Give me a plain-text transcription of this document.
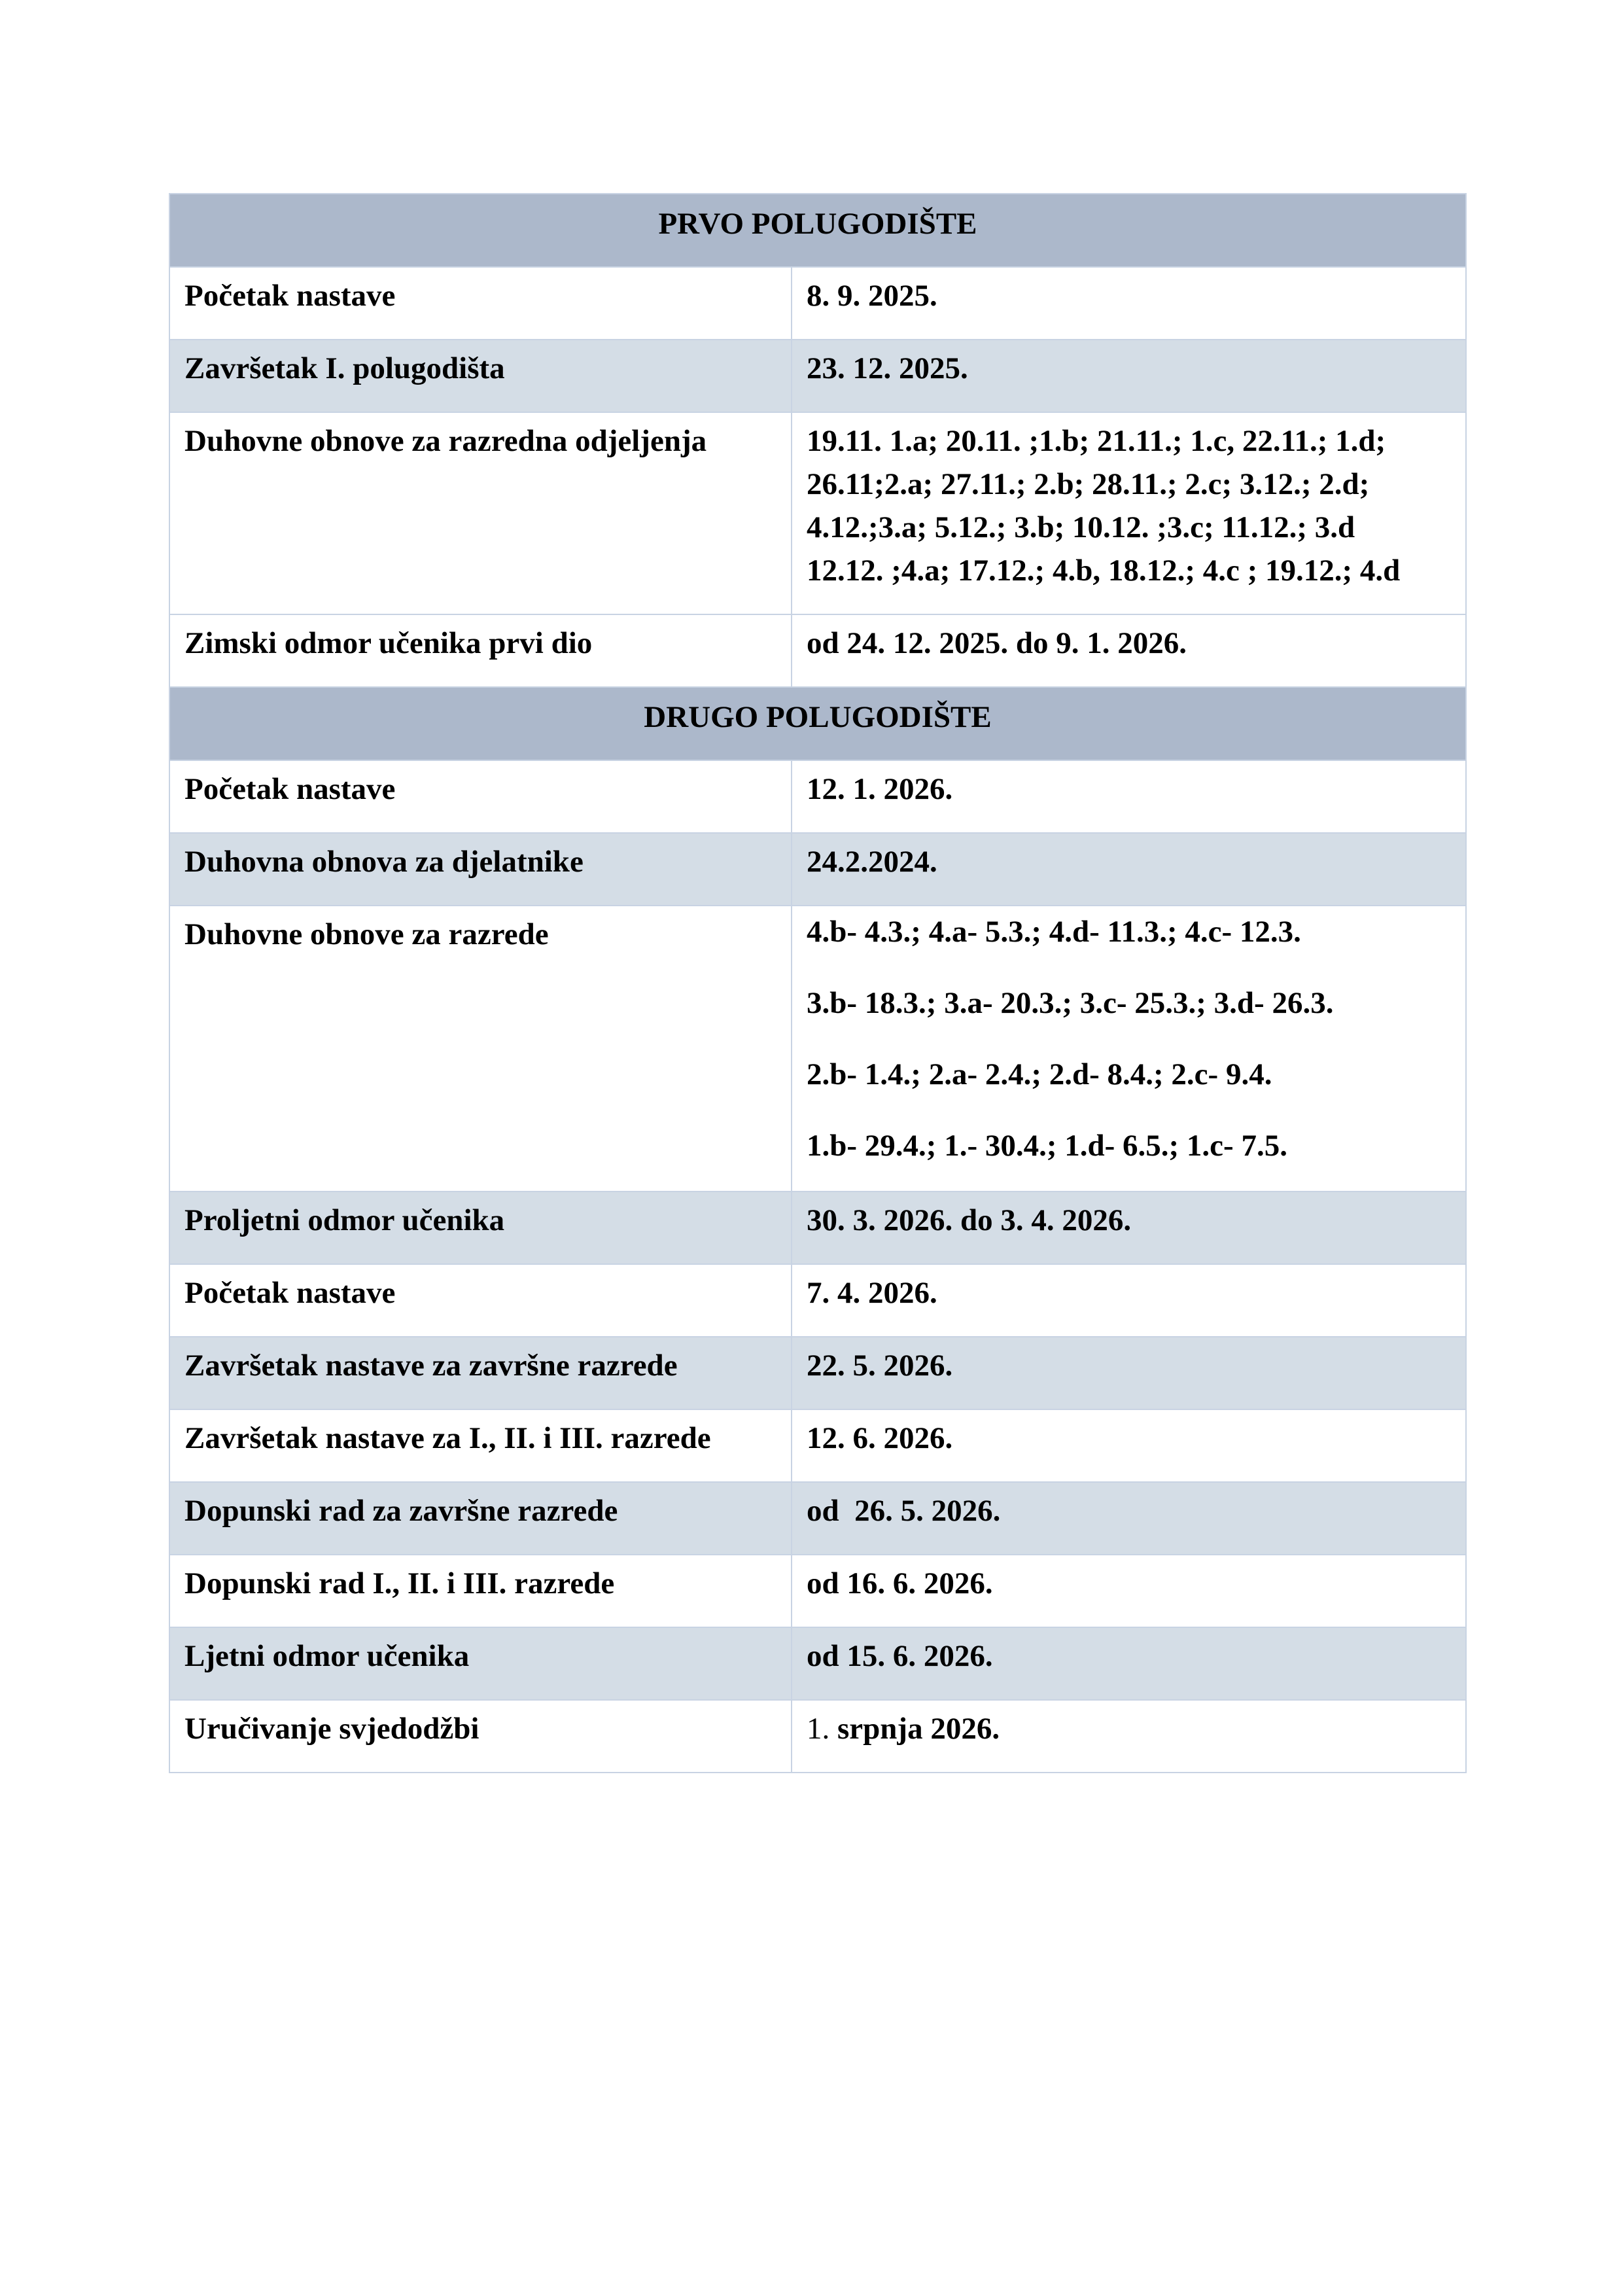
PRVO POLUGODIŠTE	
Početak nastave	8. 9. 2025.
Završetak I. polugodišta	23. 12. 2025.
Duhovne obnove za razredna odjeljenja	19.11. 1.a; 20.11. ;1.b; 21.11.; 1.c, 22.11.; 1.d;
26.11;2.a; 27.11.; 2.b; 28.11.; 2.c; 3.12.; 2.d;
4.12.;3.a; 5.12.; 3.b; 10.12. ;3.c; 11.12.; 3.d
12.12. ;4.a; 17.12.; 4.b, 18.12.; 4.c ; 19.12.; 4.d

Zimski odmor učenika prvi dio	od 24. 12. 2025. do 9. 1. 2026.
DRUGO POLUGODIŠTE	
Početak nastave	12. 1. 2026.
Duhovna obnova za djelatnike	24.2.2024.
Duhovne obnove za razrede	4.b- 4.3.; 4.a- 5.3.; 4.d- 11.3.; 4.c- 12.3.
3.b- 18.3.; 3.a- 20.3.; 3.c- 25.3.; 3.d- 26.3.
2.b- 1.4.; 2.a- 2.4.; 2.d- 8.4.; 2.c- 9.4.
1.b- 29.4.; 1.- 30.4.; 1.d- 6.5.; 1.c- 7.5.

Proljetni odmor učenika	30. 3. 2026. do 3. 4. 2026.
Početak nastave	7. 4. 2026.
Završetak nastave za završne razrede	22. 5. 2026.
Završetak nastave za I., II. i III. razrede	12. 6. 2026.
Dopunski rad za završne razrede	od  26. 5. 2026.
Dopunski rad I., II. i III. razrede	od 16. 6. 2026.
Ljetni odmor učenika	od 15. 6. 2026.
Uručivanje svjedodžbi	1. srpnja 2026.
